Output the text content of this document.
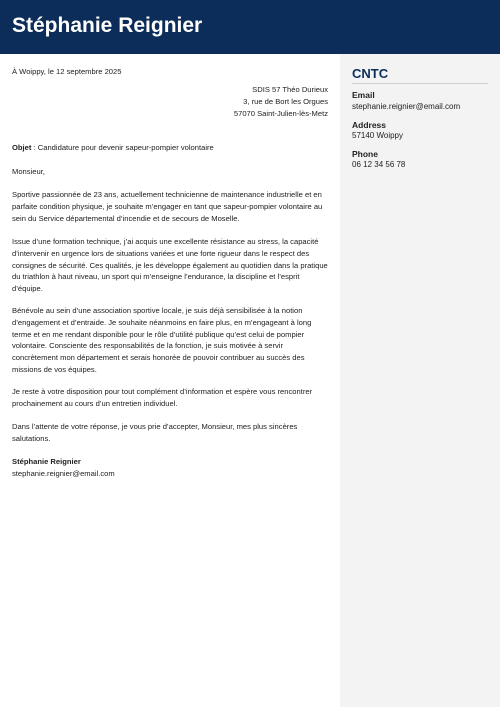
Stéphanie Reignier
CNTC
Email
stephanie.reignier@email.com
Address
57140 Woippy
Phone
06 12 34 56 78
À Woippy, le 12 septembre 2025
SDIS 57 Théo Durieux
3, rue de Bort les Orgues
57070 Saint-Julien-lès-Metz
Objet : Candidature pour devenir sapeur-pompier volontaire
Monsieur,
Sportive passionnée de 23 ans, actuellement technicienne de maintenance industrielle et en parfaite condition physique, je souhaite m’engager en tant que sapeur-pompier volontaire au sein du Service départemental d’incendie et de secours de Moselle.
Issue d’une formation technique, j’ai acquis une excellente résistance au stress, la capacité d’intervenir en urgence lors de situations variées et une forte rigueur dans le respect des consignes de sécurité. Ces qualités, je les développe également au quotidien dans la pratique du triathlon à haut niveau, un sport qui m’enseigne l’endurance, la discipline et l’esprit d’équipe.
Bénévole au sein d’une association sportive locale, je suis déjà sensibilisée à la notion d’engagement et d’entraide. Je souhaite néanmoins en faire plus, en m’engageant à long terme et en me rendant disponible pour le rôle d’utilité publique qu’est celui de pompier volontaire. Consciente des responsabilités de la fonction, je suis motivée à servir concrètement mon département et serais honorée de pouvoir contribuer au succès des missions de vos équipes.
Je reste à votre disposition pour tout complément d’information et espère vous rencontrer prochainement au cours d’un entretien individuel.
Dans l’attente de votre réponse, je vous prie d’accepter, Monsieur, mes plus sincères salutations.
Stéphanie Reignier
stephanie.reignier@email.com
